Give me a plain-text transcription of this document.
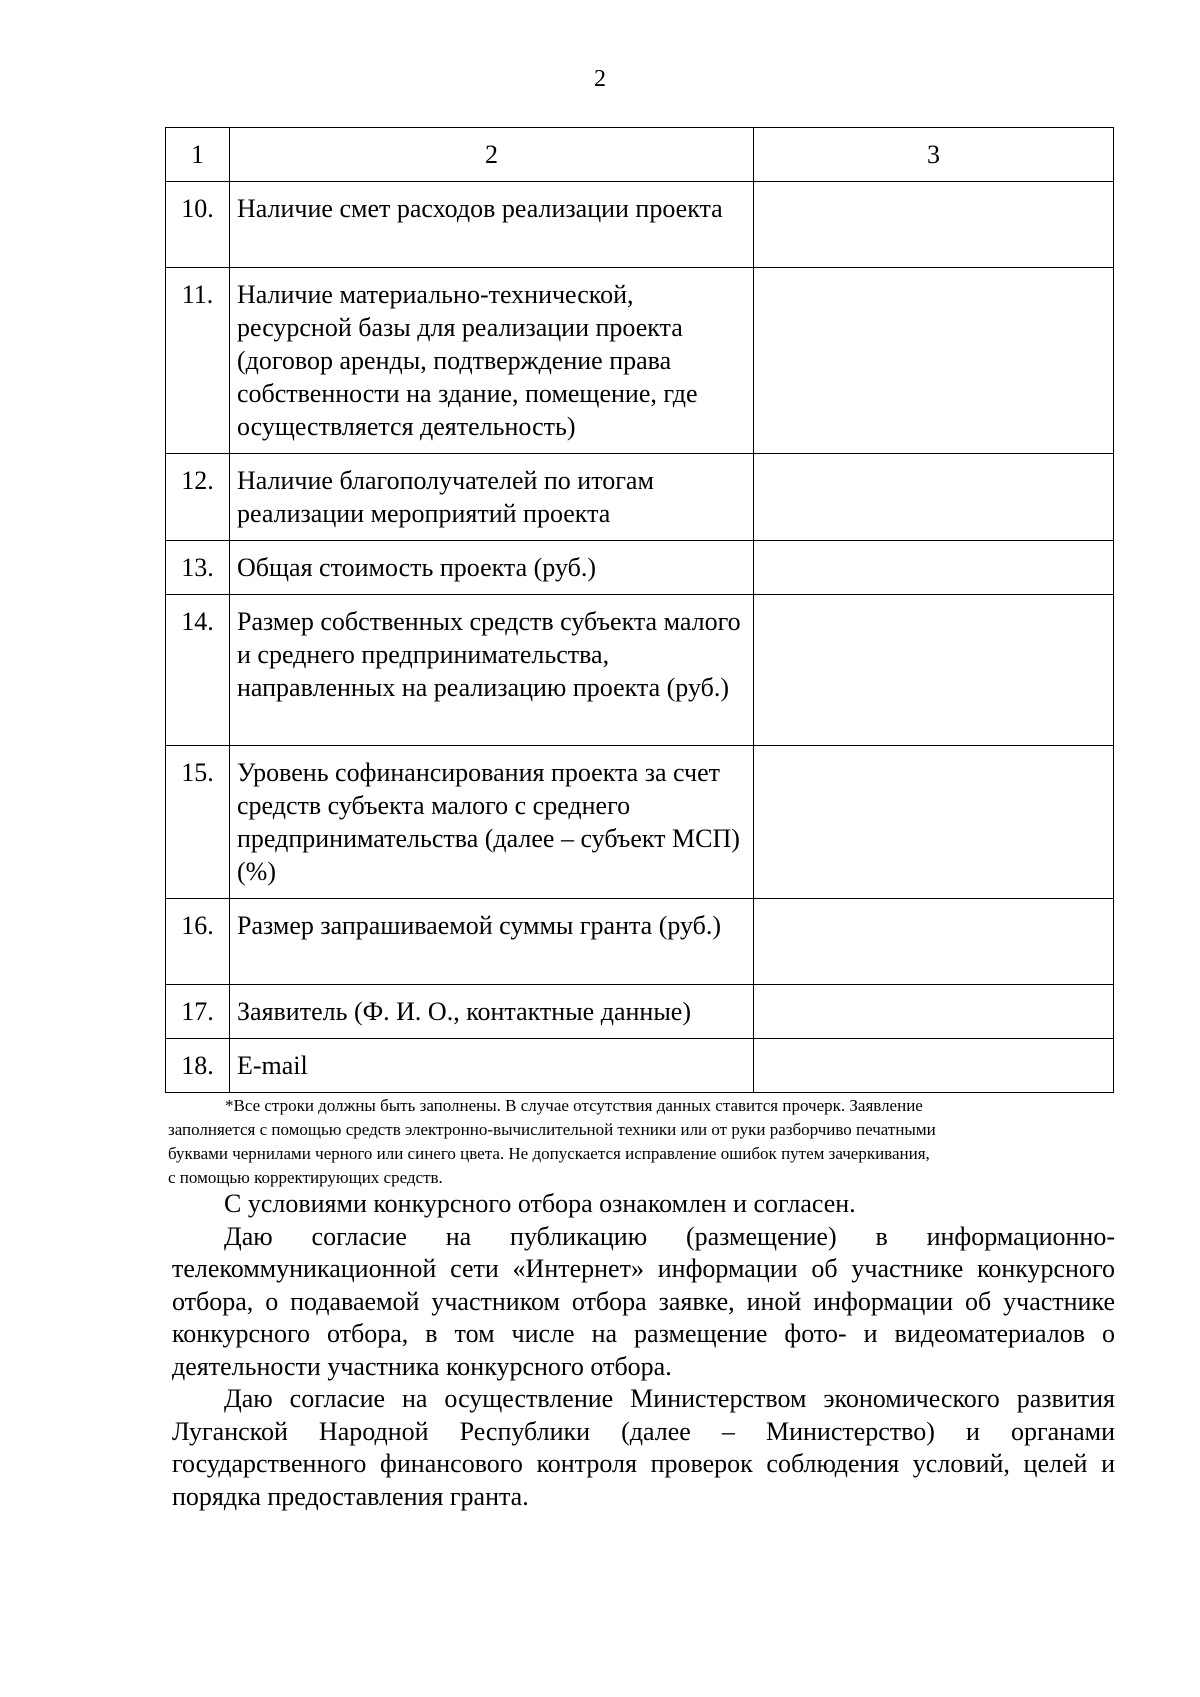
2
1	2	3
10.	Наличие смет расходов реализации проекта	
11.	Наличие материально-технической, ресурсной базы для реализации проекта (договор аренды, подтверждение права собственности на здание, помещение, где осуществляется деятельность)	
12.	Наличие благополучателей по итогам реализации мероприятий проекта	
13.	Общая стоимость проекта (руб.)	
14.	Размер собственных средств субъекта малого и среднего предпринимательства, направленных на реализацию проекта (руб.)	
15.	Уровень софинансирования проекта за счет средств субъекта малого с среднего предпринимательства (далее – субъект МСП) (%)	
16.	Размер запрашиваемой суммы гранта (руб.)	
17.	Заявитель (Ф. И. О., контактные данные)	
18.	E-mail	
*Все строки должны быть заполнены. В случае отсутствия данных ставится прочерк. Заявление
заполняется с помощью средств электронно-вычислительной техники или от руки разборчиво печатными
буквами чернилами черного или синего цвета. Не допускается исправление ошибок путем зачеркивания,
с помощью корректирующих средств.

С условиями конкурсного отбора ознакомлен и согласен.

Даю согласие на публикацию (размещение) в информационно-телекоммуникационной сети «Интернет» информации об участнике конкурсного отбора, о подаваемой участником отбора заявке, иной информации об участнике конкурсного отбора, в том числе на размещение фото- и видеоматериалов о деятельности участника конкурсного отбора.

Даю согласие на осуществление Министерством экономического развития Луганской Народной Республики (далее – Министерство) и органами государственного финансового контроля проверок соблюдения условий, целей и порядка предоставления гранта.
